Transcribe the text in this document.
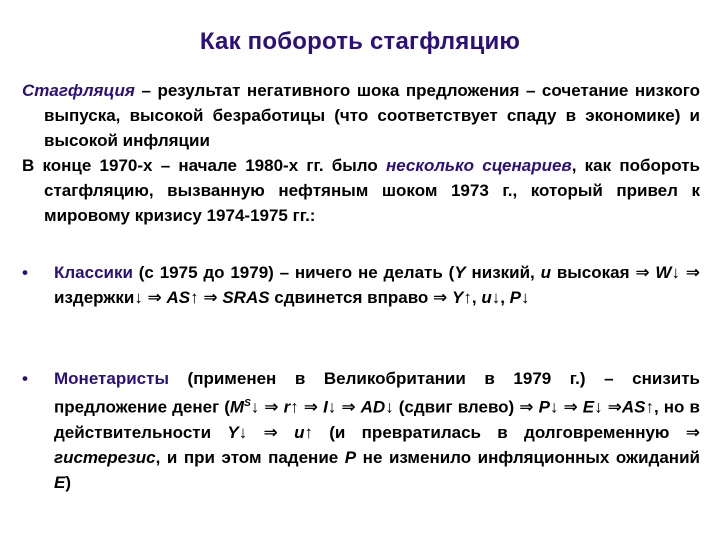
Как побороть стагфляцию

Стагфляция – результат негативного шока предложения – сочетание низкого выпуска, высокой безработицы (что соответствует спаду в экономике) и высокой инфляции

В конце 1970-х – начале 1980-х гг. было несколько сценариев, как побороть стагфляцию, вызванную нефтяным шоком 1973 г., который привел к мировому кризису 1974-1975 гг.:

• Классики (с 1975 до 1979) – ничего не делать (Y низкий, u высокая ⇒ W↓ ⇒ издержки↓ ⇒ AS↑ ⇒ SRAS сдвинется вправо ⇒ Y↑, u↓, P↓
• Монетаристы (применен в Великобритании в 1979 г.) – снизить предложение денег ($M^S↓$ ⇒ r↑ ⇒ I↓ ⇒ AD↓ (сдвиг влево) ⇒ P↓ ⇒ E↓ ⇒AS↑, но в действительности Y↓ ⇒ u↑ (и превратилась в долговременную ⇒ гистерезис, и при этом падение P не изменило инфляционных ожиданий E)
